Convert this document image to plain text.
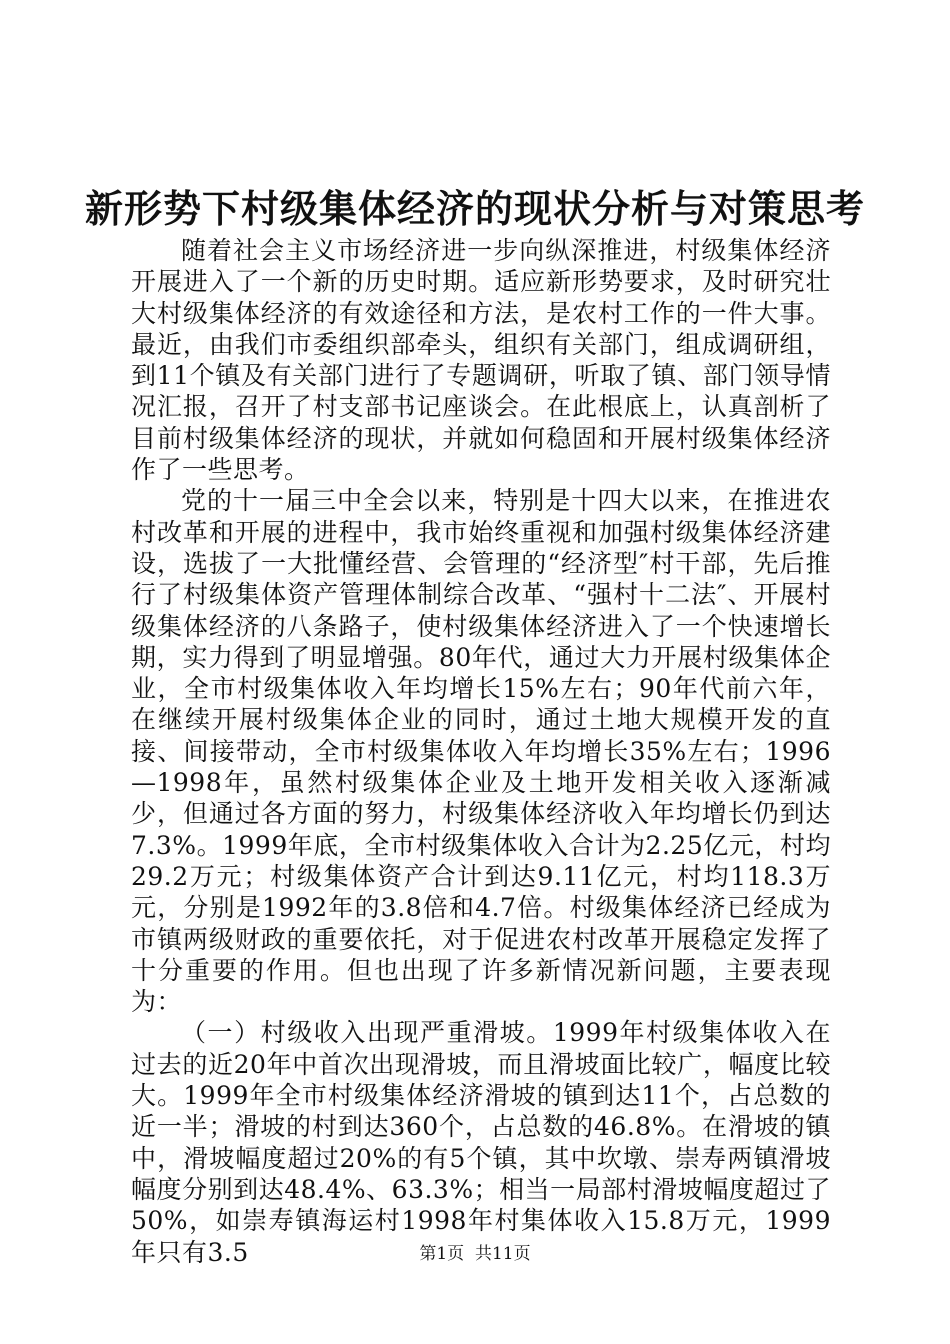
新形势下村级集体经济的现状分析与对策思考

随着社会主义市场经济进一步向纵深推进，村级集体经济开展进入了一个新的历史时期。适应新形势要求，及时研究壮大村级集体经济的有效途径和方法，是农村工作的一件大事。最近，由我们市委组织部牵头，组织有关部门，组成调研组，到11个镇及有关部门进行了专题调研，听取了镇、部门领导情况汇报，召开了村支部书记座谈会。在此根底上，认真剖析了目前村级集体经济的现状，并就如何稳固和开展村级集体经济作了一些思考。

党的十一届三中全会以来，特别是十四大以来，在推进农村改革和开展的进程中，我市始终重视和加强村级集体经济建设，选拔了一大批懂经营、会管理的“经济型″村干部，先后推行了村级集体资产管理体制综合改革、“强村十二法″、开展村级集体经济的八条路子，使村级集体经济进入了一个快速增长期，实力得到了明显增强。80年代，通过大力开展村级集体企业，全市村级集体收入年均增长15%左右；90年代前六年，在继续开展村级集体企业的同时，通过土地大规模开发的直接、间接带动，全市村级集体收入年均增长35%左右；1996—1998年，虽然村级集体企业及土地开发相关收入逐渐减少，但通过各方面的努力，村级集体经济收入年均增长仍到达7.3%。1999年底，全市村级集体收入合计为2.25亿元，村均29.2万元；村级集体资产合计到达9.11亿元，村均118.3万元，分别是1992年的3.8倍和4.7倍。村级集体经济已经成为市镇两级财政的重要依托，对于促进农村改革开展稳定发挥了十分重要的作用。但也出现了许多新情况新问题，主要表现为：

（一）村级收入出现严重滑坡。1999年村级集体收入在过去的近20年中首次出现滑坡，而且滑坡面比较广，幅度比较大。1999年全市村级集体经济滑坡的镇到达11个，占总数的近一半；滑坡的村到达360个，占总数的46.8%。在滑坡的镇中，滑坡幅度超过20%的有5个镇，其中坎墩、崇寿两镇滑坡幅度分别到达48.4%、63.3%；相当一局部村滑坡幅度超过了50%，如崇寿镇海运村1998年村集体收入15.8万元，1999年只有3.5	第1页  共11页
